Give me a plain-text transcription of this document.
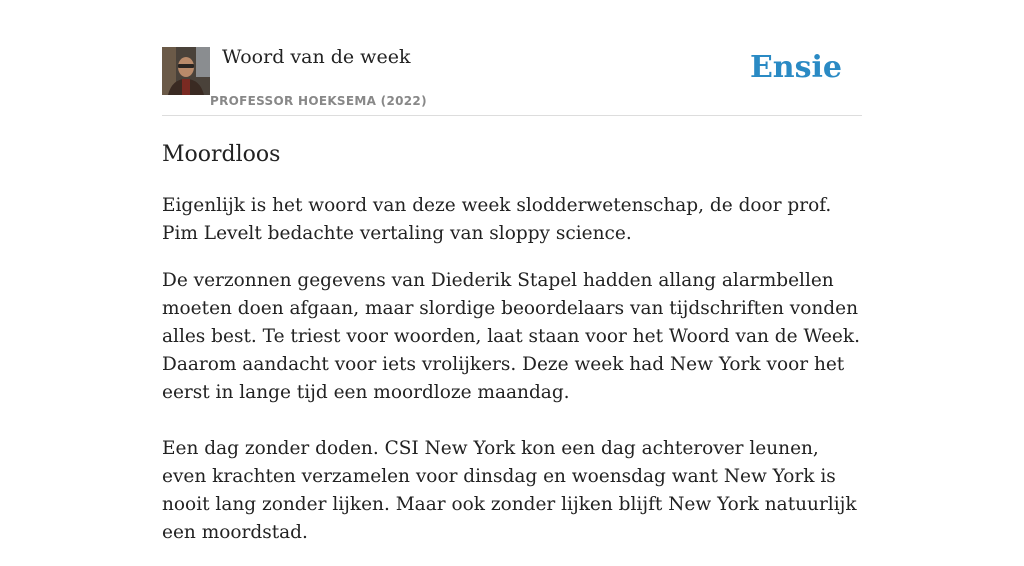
Woord van de week
PROFESSOR HOEKSEMA (2022)
Ensie
Moordloos

Eigenlijk is het woord van deze week slodderwetenschap, de door prof. Pim Levelt bedachte vertaling van sloppy science.

De verzonnen gegevens van Diederik Stapel hadden allang alarmbellen moeten doen afgaan, maar slordige beoordelaars van tijdschriften vonden alles best. Te triest voor woorden, laat staan voor het Woord van de Week. Daarom aandacht voor iets vrolijkers. Deze week had New York voor het eerst in lange tijd een moordloze maandag.

Een dag zonder doden. CSI New York kon een dag achterover leunen, even krachten verzamelen voor dinsdag en woensdag want New York is nooit lang zonder lijken. Maar ook zonder lijken blijft New York natuurlijk een moordstad.
